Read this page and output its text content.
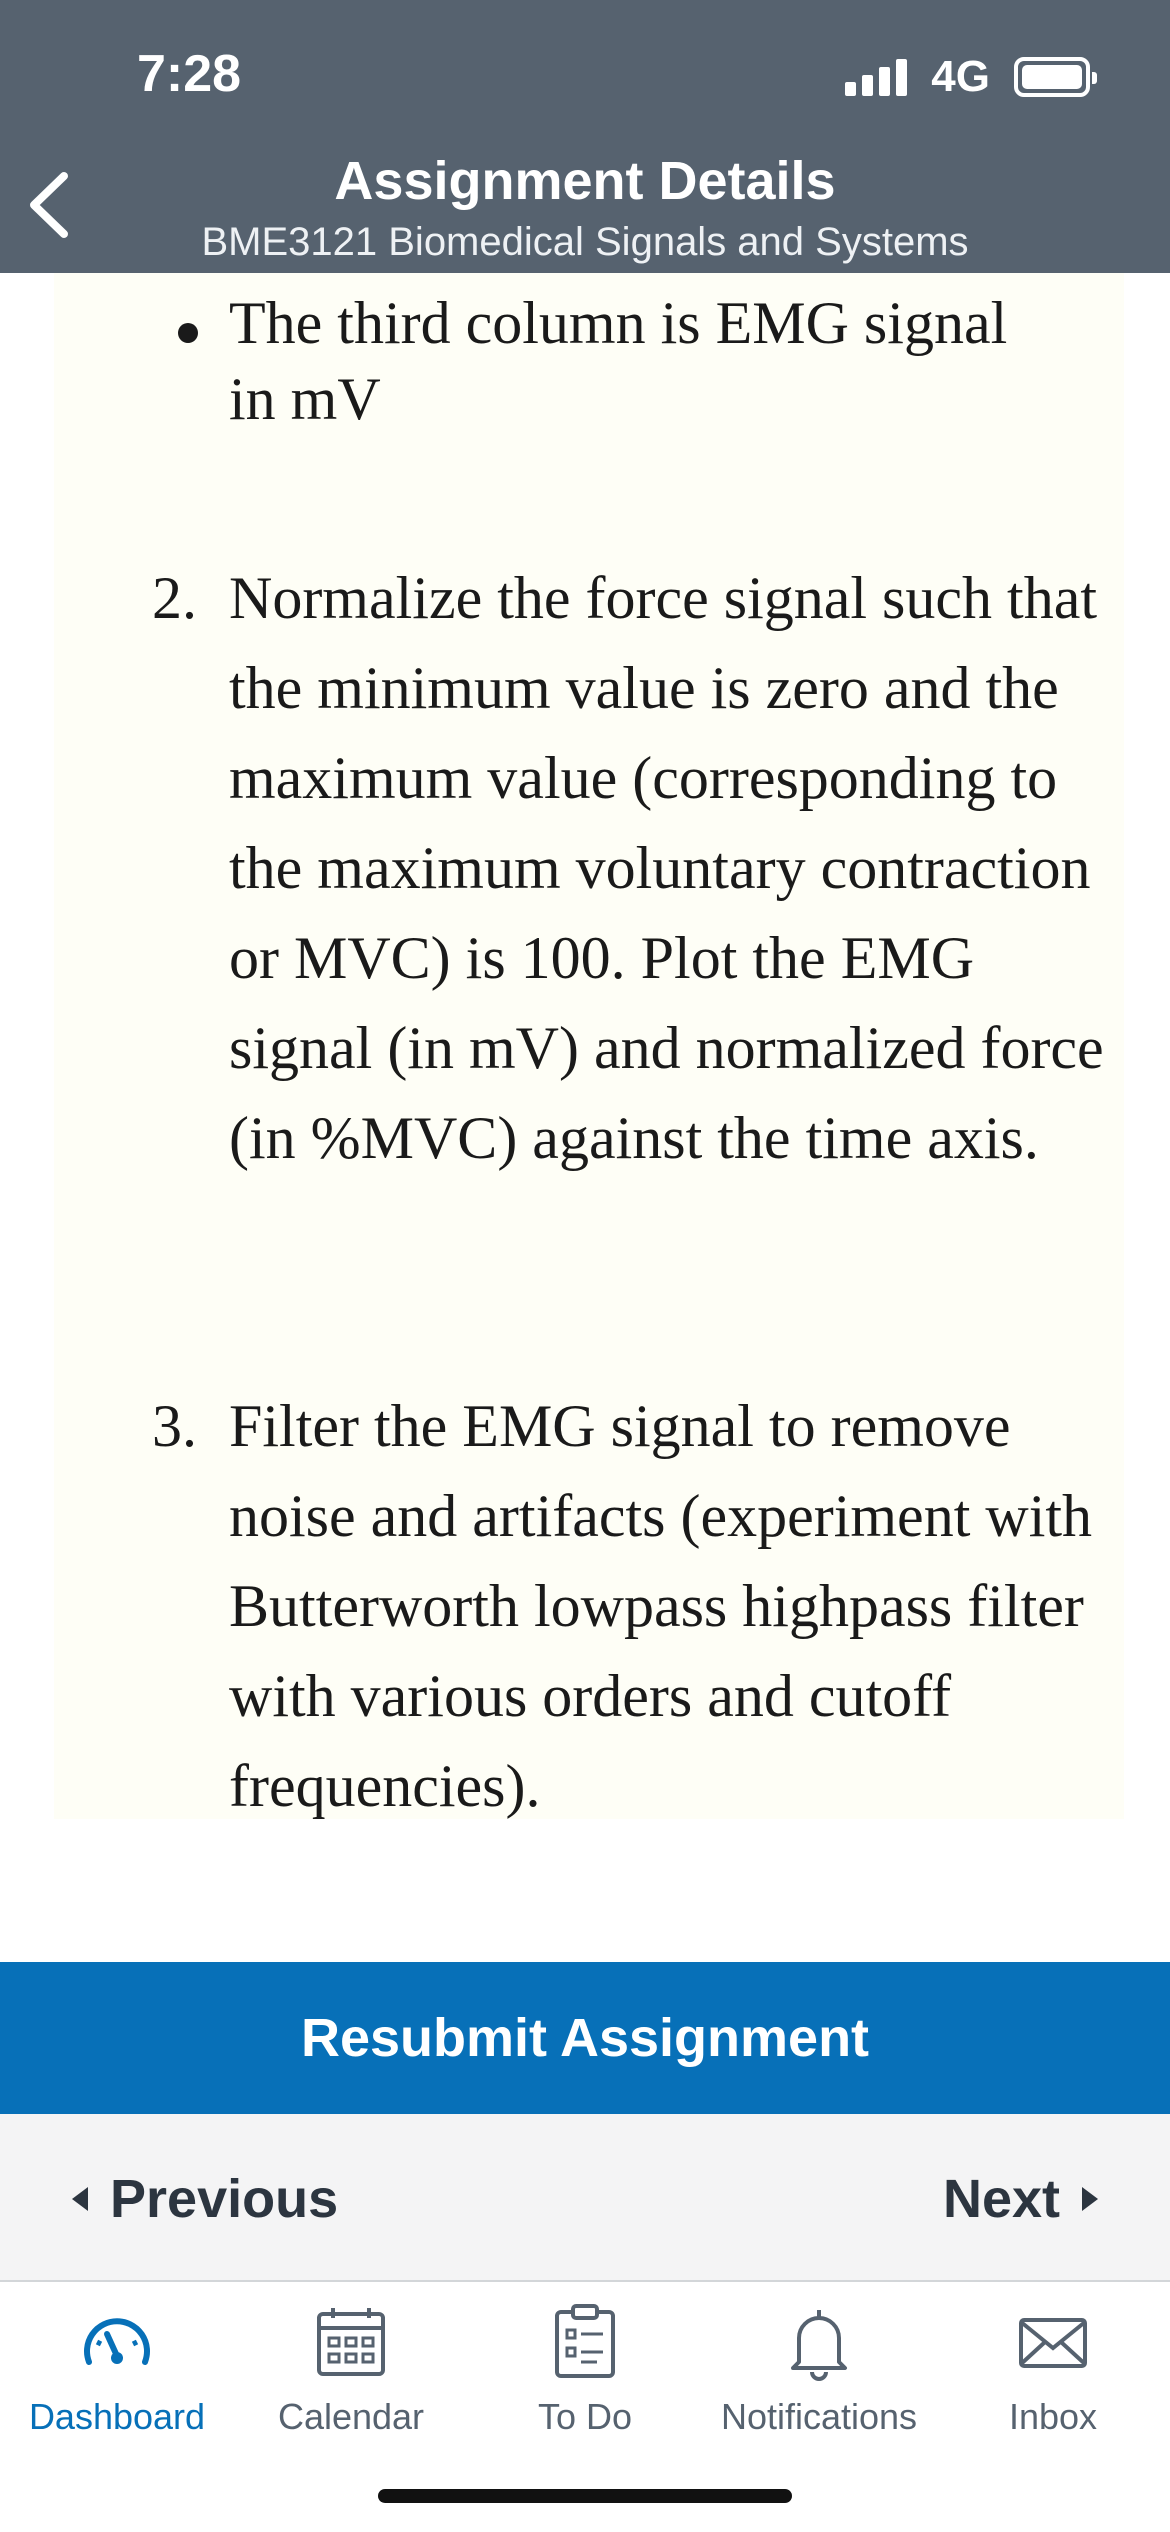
7:28	4G
Assignment Details
BME3121 Biomedical Signals and Systems
The third column is EMG signal in mV
2. Normalize the force signal such that the minimum value is zero and the maximum value (corresponding to the maximum voluntary contraction or MVC) is 100. Plot the EMG signal (in mV) and normalized force (in %MVC) against the time axis.
3. Filter the EMG signal to remove noise and artifacts (experiment with Butterworth lowpass highpass filter with various orders and cutoff frequencies).
Resubmit Assignment
Previous	Next
Dashboard	Calendar	To Do	Notifications	Inbox
